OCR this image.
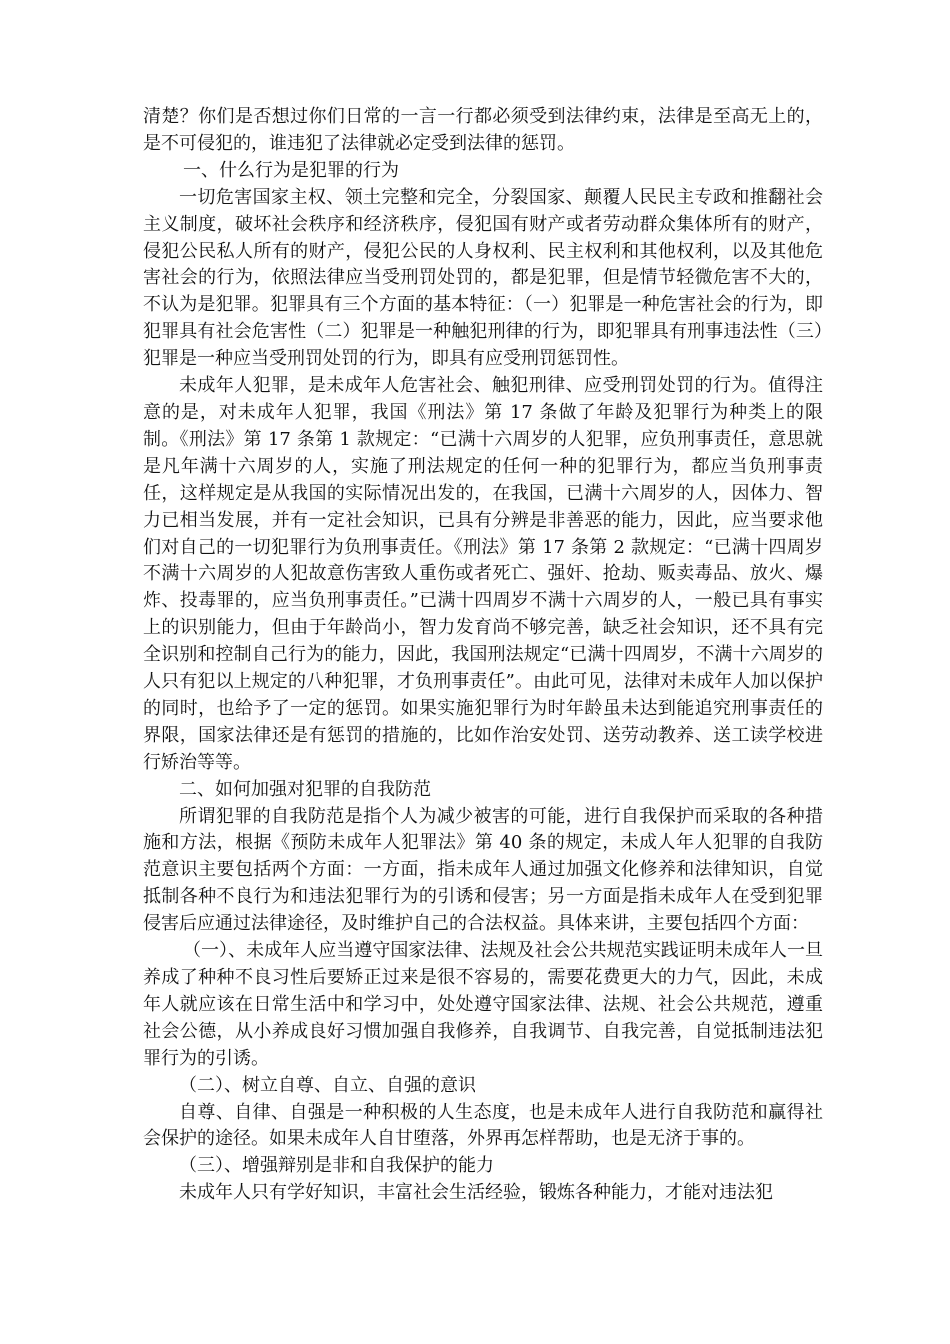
清楚？你们是否想过你们日常的一言一行都必须受到法律约束，法律是至高无上的，是不可侵犯的，谁违犯了法律就必定受到法律的惩罚。

一、什么行为是犯罪的行为

一切危害国家主权、领土完整和完全，分裂国家、颠覆人民民主专政和推翻社会主义制度，破坏社会秩序和经济秩序，侵犯国有财产或者劳动群众集体所有的财产，侵犯公民私人所有的财产，侵犯公民的人身权利、民主权利和其他权利，以及其他危害社会的行为，依照法律应当受刑罚处罚的，都是犯罪，但是情节轻微危害不大的，不认为是犯罪。犯罪具有三个方面的基本特征：（一）犯罪是一种危害社会的行为，即犯罪具有社会危害性（二）犯罪是一种触犯刑律的行为，即犯罪具有刑事违法性（三）犯罪是一种应当受刑罚处罚的行为，即具有应受刑罚惩罚性。

未成年人犯罪，是未成年人危害社会、触犯刑律、应受刑罚处罚的行为。值得注意的是，对未成年人犯罪，我国《刑法》第 17 条做了年龄及犯罪行为种类上的限制。《刑法》第 17 条第 1 款规定：“已满十六周岁的人犯罪，应负刑事责任，意思就是凡年满十六周岁的人，实施了刑法规定的任何一种的犯罪行为，都应当负刑事责任，这样规定是从我国的实际情况出发的，在我国，已满十六周岁的人，因体力、智力已相当发展，并有一定社会知识，已具有分辨是非善恶的能力，因此，应当要求他们对自己的一切犯罪行为负刑事责任。《刑法》第 17 条第 2 款规定：“已满十四周岁不满十六周岁的人犯故意伤害致人重伤或者死亡、强奸、抢劫、贩卖毒品、放火、爆炸、投毒罪的，应当负刑事责任。”已满十四周岁不满十六周岁的人，一般已具有事实上的识别能力，但由于年龄尚小，智力发育尚不够完善，缺乏社会知识，还不具有完全识别和控制自己行为的能力，因此，我国刑法规定“已满十四周岁，不满十六周岁的人只有犯以上规定的八种犯罪，才负刑事责任”。由此可见，法律对未成年人加以保护的同时，也给予了一定的惩罚。如果实施犯罪行为时年龄虽未达到能追究刑事责任的界限，国家法律还是有惩罚的措施的，比如作治安处罚、送劳动教养、送工读学校进行矫治等等。

二、如何加强对犯罪的自我防范

所谓犯罪的自我防范是指个人为减少被害的可能，进行自我保护而采取的各种措施和方法，根据《预防未成年人犯罪法》第 40 条的规定，未成人年人犯罪的自我防范意识主要包括两个方面：一方面，指未成年人通过加强文化修养和法律知识，自觉抵制各种不良行为和违法犯罪行为的引诱和侵害；另一方面是指未成年人在受到犯罪侵害后应通过法律途径，及时维护自己的合法权益。具体来讲，主要包括四个方面：

（一）、未成年人应当遵守国家法律、法规及社会公共规范实践证明未成年人一旦养成了种种不良习性后要矫正过来是很不容易的，需要花费更大的力气，因此，未成年人就应该在日常生活中和学习中，处处遵守国家法律、法规、社会公共规范，遵重社会公德，从小养成良好习惯加强自我修养，自我调节、自我完善，自觉抵制违法犯罪行为的引诱。

（二）、树立自尊、自立、自强的意识

自尊、自律、自强是一种积极的人生态度，也是未成年人进行自我防范和赢得社会保护的途径。如果未成年人自甘堕落，外界再怎样帮助，也是无济于事的。

（三）、增强辩别是非和自我保护的能力

未成年人只有学好知识，丰富社会生活经验，锻炼各种能力，才能对违法犯
